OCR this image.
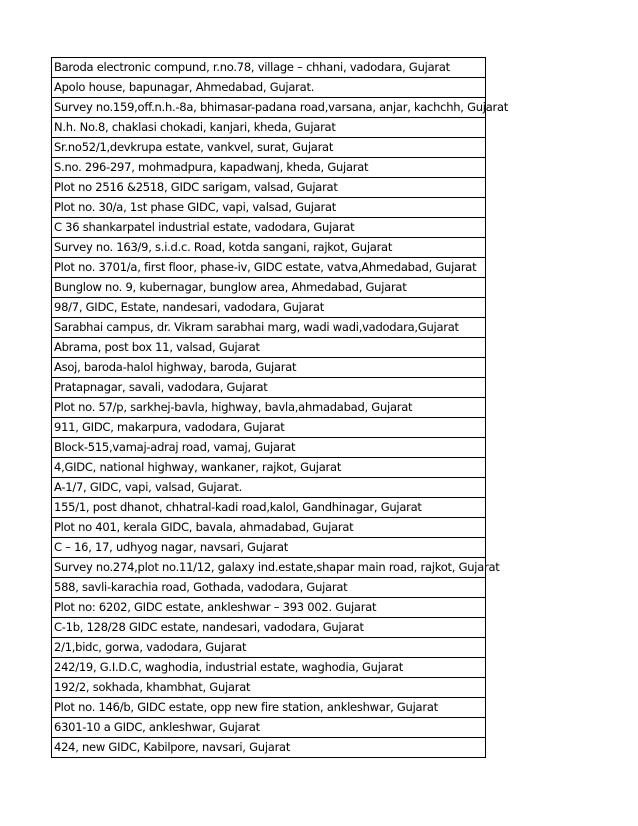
Baroda electronic compund, r.no.78, village – chhani, vadodara, Gujarat
Apolo house, bapunagar, Ahmedabad, Gujarat.
Survey no.159,off.n.h.-8a, bhimasar-padana road,varsana, anjar, kachchh, Gujarat
N.h. No.8, chaklasi chokadi, kanjari, kheda, Gujarat
Sr.no52/1,devkrupa estate, vankvel, surat, Gujarat
S.no. 296-297, mohmadpura, kapadwanj, kheda, Gujarat
Plot no 2516 &2518, GIDC sarigam, valsad, Gujarat
Plot no. 30/a, 1st phase GIDC, vapi, valsad, Gujarat
C 36 shankarpatel industrial estate, vadodara, Gujarat
Survey no. 163/9, s.i.d.c. Road, kotda sangani, rajkot, Gujarat
Plot no. 3701/a, first floor, phase-iv, GIDC estate, vatva,Ahmedabad, Gujarat
Bunglow no. 9, kubernagar, bunglow area, Ahmedabad, Gujarat
98/7, GIDC, Estate, nandesari, vadodara, Gujarat
Sarabhai campus, dr. Vikram sarabhai marg, wadi wadi,vadodara,Gujarat
Abrama, post box 11, valsad, Gujarat
Asoj, baroda-halol highway, baroda, Gujarat
Pratapnagar, savali, vadodara, Gujarat
Plot no. 57/p, sarkhej-bavla, highway, bavla,ahmadabad, Gujarat
911, GIDC, makarpura, vadodara, Gujarat
Block-515,vamaj-adraj road, vamaj, Gujarat
4,GIDC, national highway, wankaner, rajkot, Gujarat
A-1/7, GIDC, vapi, valsad, Gujarat.
155/1, post dhanot, chhatral-kadi road,kalol, Gandhinagar, Gujarat
Plot no 401, kerala GIDC, bavala, ahmadabad, Gujarat
C – 16, 17, udhyog nagar, navsari, Gujarat
Survey no.274,plot no.11/12, galaxy ind.estate,shapar main road, rajkot, Gujarat
588, savli-karachia road, Gothada, vadodara, Gujarat
Plot no: 6202, GIDC estate, ankleshwar – 393 002. Gujarat
C-1b, 128/28 GIDC estate, nandesari, vadodara, Gujarat
2/1,bidc, gorwa, vadodara, Gujarat
242/19, G.I.D.C, waghodia, industrial estate, waghodia, Gujarat
192/2, sokhada, khambhat, Gujarat
Plot no. 146/b, GIDC estate, opp new fire station, ankleshwar, Gujarat
6301-10 a GIDC, ankleshwar, Gujarat
424, new GIDC, Kabilpore, navsari, Gujarat
